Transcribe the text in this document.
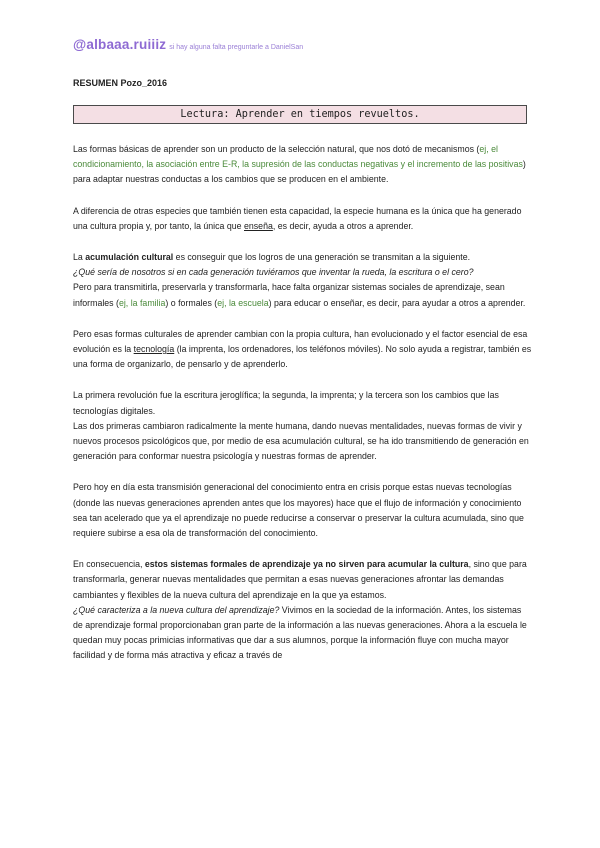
@albaaa.ruiiiz si hay alguna falta preguntarle a DanielSan
RESUMEN Pozo_2016
Lectura: Aprender en tiempos revueltos.

Las formas básicas de aprender son un producto de la selección natural, que nos dotó de mecanismos (ej, el condicionamiento, la asociación entre E-R, la supresión de las conductas negativas y el incremento de las positivas) para adaptar nuestras conductas a los cambios que se producen en el ambiente.

A diferencia de otras especies que también tienen esta capacidad, la especie humana es la única que ha generado una cultura propia y, por tanto, la única que enseña, es decir, ayuda a otros a aprender.

La acumulación cultural es conseguir que los logros de una generación se transmitan a la siguiente.
¿Qué sería de nosotros si en cada generación tuviéramos que inventar la rueda, la escritura o el cero?
Pero para transmitirla, preservarla y transformarla, hace falta organizar sistemas sociales de aprendizaje, sean informales (ej, la familia) o formales (ej, la escuela) para educar o enseñar, es decir, para ayudar a otros a aprender.

Pero esas formas culturales de aprender cambian con la propia cultura, han evolucionado y el factor esencial de esa evolución es la tecnología (la imprenta, los ordenadores, los teléfonos móviles). No solo ayuda a registrar, también es una forma de organizarlo, de pensarlo y de aprenderlo.

La primera revolución fue la escritura jeroglífica; la segunda, la imprenta; y la tercera son los cambios que las tecnologías digitales.
Las dos primeras cambiaron radicalmente la mente humana, dando nuevas mentalidades, nuevas formas de vivir y nuevos procesos psicológicos que, por medio de esa acumulación cultural, se ha ido transmitiendo de generación en generación para conformar nuestra psicología y nuestras formas de aprender.

Pero hoy en día esta transmisión generacional del conocimiento entra en crisis porque estas nuevas tecnologías (donde las nuevas generaciones aprenden antes que los mayores) hace que el flujo de información y conocimiento sea tan acelerado que ya el aprendizaje no puede reducirse a conservar o preservar la cultura acumulada, sino que requiere subirse a esa ola de transformación del conocimiento.

En consecuencia, estos sistemas formales de aprendizaje ya no sirven para acumular la cultura, sino que para transformarla, generar nuevas mentalidades que permitan a esas nuevas generaciones afrontar las demandas cambiantes y flexibles de la nueva cultura del aprendizaje en la que ya estamos.
¿Qué caracteriza a la nueva cultura del aprendizaje? Vivimos en la sociedad de la información. Antes, los sistemas de aprendizaje formal proporcionaban gran parte de la información a las nuevas generaciones. Ahora a la escuela le quedan muy pocas primicias informativas que dar a sus alumnos, porque la información fluye con mucha mayor facilidad y de forma más atractiva y eficaz a través de
